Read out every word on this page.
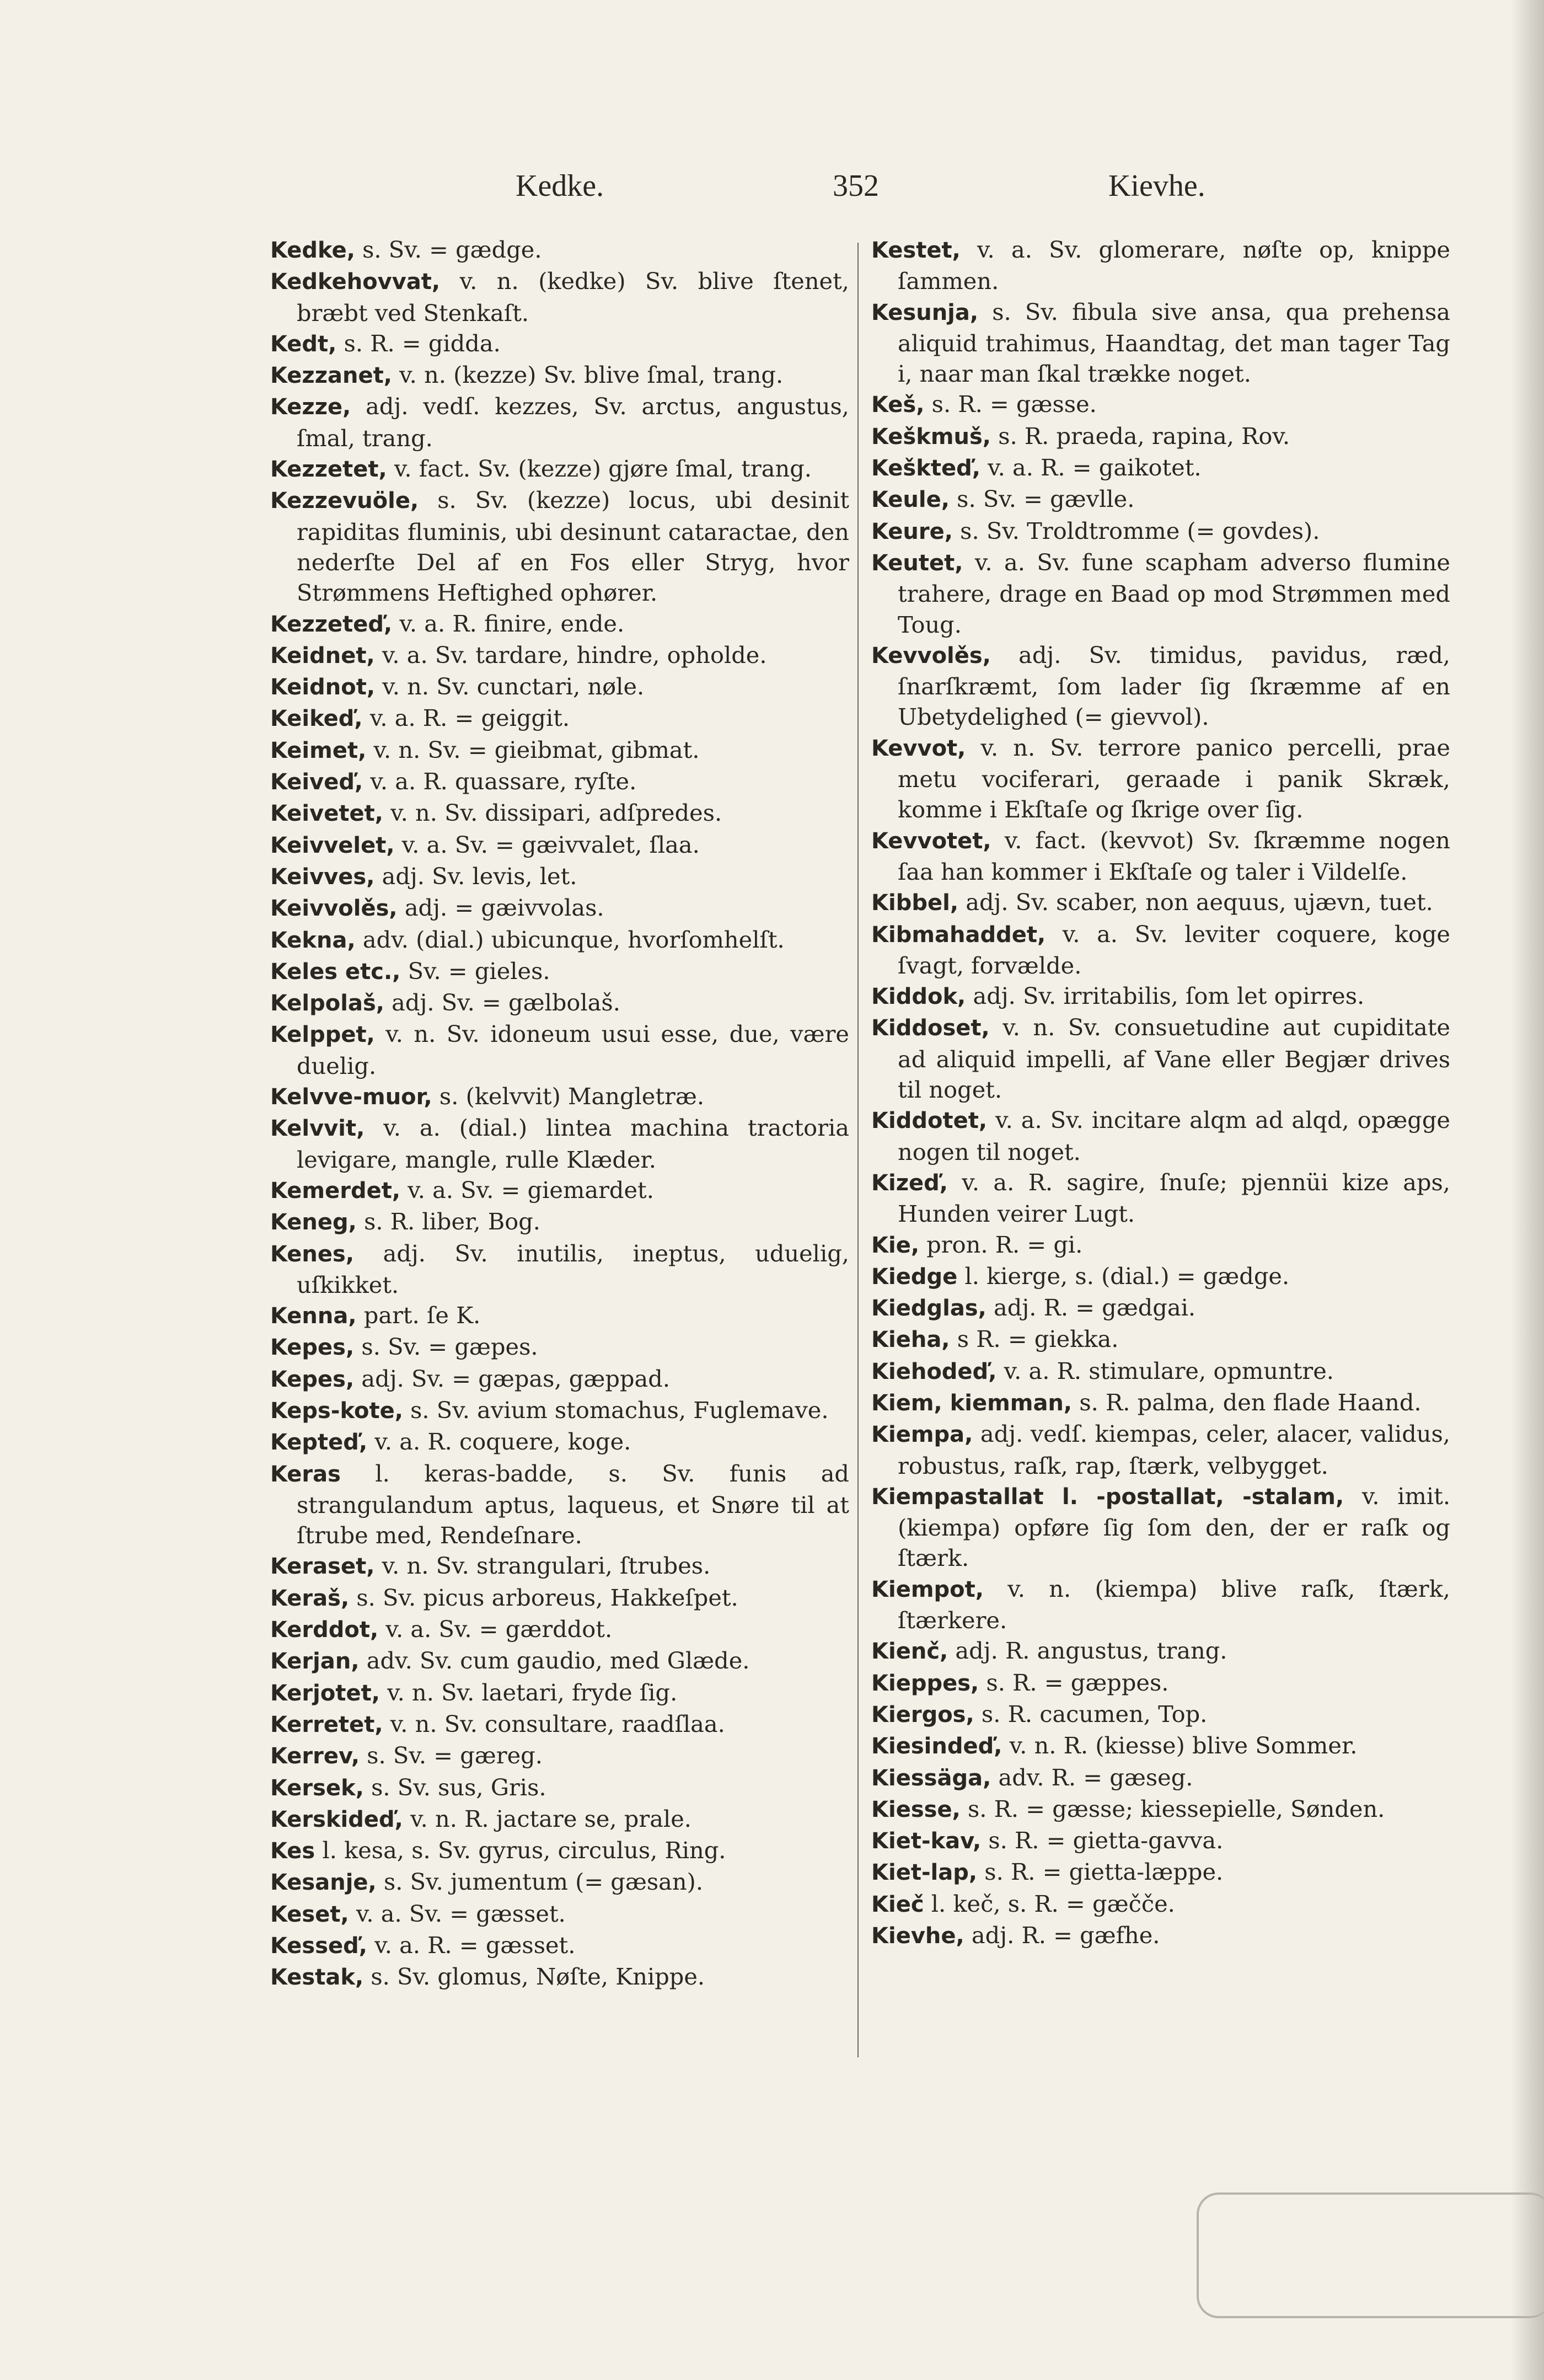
Kedke.	352	Kievhe.
Kedke, s. Sv. = gædge.
Kedkehovvat, v. n. (kedke) Sv. blive ſtenet, bræbt ved Stenkaſt.
Kedt, s. R. = gidda.
Kezzanet, v. n. (kezze) Sv. blive ſmal, trang.
Kezze, adj. vedſ. kezzes, Sv. arctus, angustus, ſmal, trang.
Kezzetet, v. fact. Sv. (kezze) gjøre ſmal, trang.
Kezzevuöle, s. Sv. (kezze) locus, ubi desinit rapiditas fluminis, ubi desinunt cataractae, den nederſte Del af en Fos eller Stryg, hvor Strømmens Heftighed ophører.
Kezzeteď, v. a. R. finire, ende.
Keidnet, v. a. Sv. tardare, hindre, opholde.
Keidnot, v. n. Sv. cunctari, nøle.
Keikeď, v. a. R. = geiggit.
Keimet, v. n. Sv. = gieibmat, gibmat.
Keiveď, v. a. R. quassare, ryſte.
Keivetet, v. n. Sv. dissipari, adſpredes.
Keivvelet, v. a. Sv. = gæivvalet, ſlaa.
Keivves, adj. Sv. levis, let.
Keivvolěs, adj. = gæivvolas.
Kekna, adv. (dial.) ubicunque, hvorſomhelſt.
Keles etc., Sv. = gieles.
Kelpolaš, adj. Sv. = gælbolaš.
Kelppet, v. n. Sv. idoneum usui esse, due, være duelig.
Kelvve-muor, s. (kelvvit) Mangletræ.
Kelvvit, v. a. (dial.) lintea machina tractoria levigare, mangle, rulle Klæder.
Kemerdet, v. a. Sv. = giemardet.
Keneg, s. R. liber, Bog.
Kenes, adj. Sv. inutilis, ineptus, uduelig, uſkikket.
Kenna, part. ſe K.
Kepes, s. Sv. = gæpes.
Kepes, adj. Sv. = gæpas, gæppad.
Keps-kote, s. Sv. avium stomachus, Fuglemave.
Kepteď, v. a. R. coquere, koge.
Keras l. keras-badde, s. Sv. funis ad strangulandum aptus, laqueus, et Snøre til at ſtrube med, Rendeſnare.
Keraset, v. n. Sv. strangulari, ſtrubes.
Keraš, s. Sv. picus arboreus, Hakkeſpet.
Kerddot, v. a. Sv. = gærddot.
Kerjan, adv. Sv. cum gaudio, med Glæde.
Kerjotet, v. n. Sv. laetari, fryde ſig.
Kerretet, v. n. Sv. consultare, raadſlaa.
Kerrev, s. Sv. = gæreg.
Kersek, s. Sv. sus, Gris.
Kerskideď, v. n. R. jactare se, prale.
Kes l. kesa, s. Sv. gyrus, circulus, Ring.
Kesanje, s. Sv. jumentum (= gæsan).
Keset, v. a. Sv. = gæsset.
Kesseď, v. a. R. = gæsset.
Kestak, s. Sv. glomus, Nøſte, Knippe.
Kestet, v. a. Sv. glomerare, nøſte op, knippe ſammen.
Kesunja, s. Sv. fibula sive ansa, qua prehensa aliquid trahimus, Haandtag, det man tager Tag i, naar man ſkal trække noget.
Keš, s. R. = gæsse.
Keškmuš, s. R. praeda, rapina, Rov.
Keškteď, v. a. R. = gaikotet.
Keule, s. Sv. = gævlle.
Keure, s. Sv. Troldtromme (= govdes).
Keutet, v. a. Sv. fune scapham adverso flumine trahere, drage en Baad op mod Strømmen med Toug.
Kevvolěs, adj. Sv. timidus, pavidus, ræd, ſnarſkræmt, ſom lader ſig ſkræmme af en Ubetydelighed (= gievvol).
Kevvot, v. n. Sv. terrore panico percelli, prae metu vociferari, geraade i panik Skræk, komme i Ekſtaſe og ſkrige over ſig.
Kevvotet, v. fact. (kevvot) Sv. ſkræmme nogen ſaa han kommer i Ekſtaſe og taler i Vildelſe.
Kibbel, adj. Sv. scaber, non aequus, ujævn, tuet.
Kibmahaddet, v. a. Sv. leviter coquere, koge ſvagt, forvælde.
Kiddok, adj. Sv. irritabilis, ſom let opirres.
Kiddoset, v. n. Sv. consuetudine aut cupiditate ad aliquid impelli, af Vane eller Begjær drives til noget.
Kiddotet, v. a. Sv. incitare alqm ad alqd, opægge nogen til noget.
Kizeď, v. a. R. sagire, ſnuſe; pjennüi kize aps, Hunden veirer Lugt.
Kie, pron. R. = gi.
Kiedge l. kierge, s. (dial.) = gædge.
Kiedglas, adj. R. = gædgai.
Kieha, s R. = giekka.
Kiehodeď, v. a. R. stimulare, opmuntre.
Kiem, kiemman, s. R. palma, den flade Haand.
Kiempa, adj. vedſ. kiempas, celer, alacer, validus, robustus, raſk, rap, ſtærk, velbygget.
Kiempastallat l. -postallat, -stalam, v. imit. (kiempa) opføre ſig ſom den, der er raſk og ſtærk.
Kiempot, v. n. (kiempa) blive raſk, ſtærk, ſtærkere.
Kienč, adj. R. angustus, trang.
Kieppes, s. R. = gæppes.
Kiergos, s. R. cacumen, Top.
Kiesindeď, v. n. R. (kiesse) blive Sommer.
Kiessäga, adv. R. = gæseg.
Kiesse, s. R. = gæsse; kiessepielle, Sønden.
Kiet-kav, s. R. = gietta-gavva.
Kiet-lap, s. R. = gietta-læppe.
Kieč l. keč, s. R. = gæčče.
Kievhe, adj. R. = gæfhe.
